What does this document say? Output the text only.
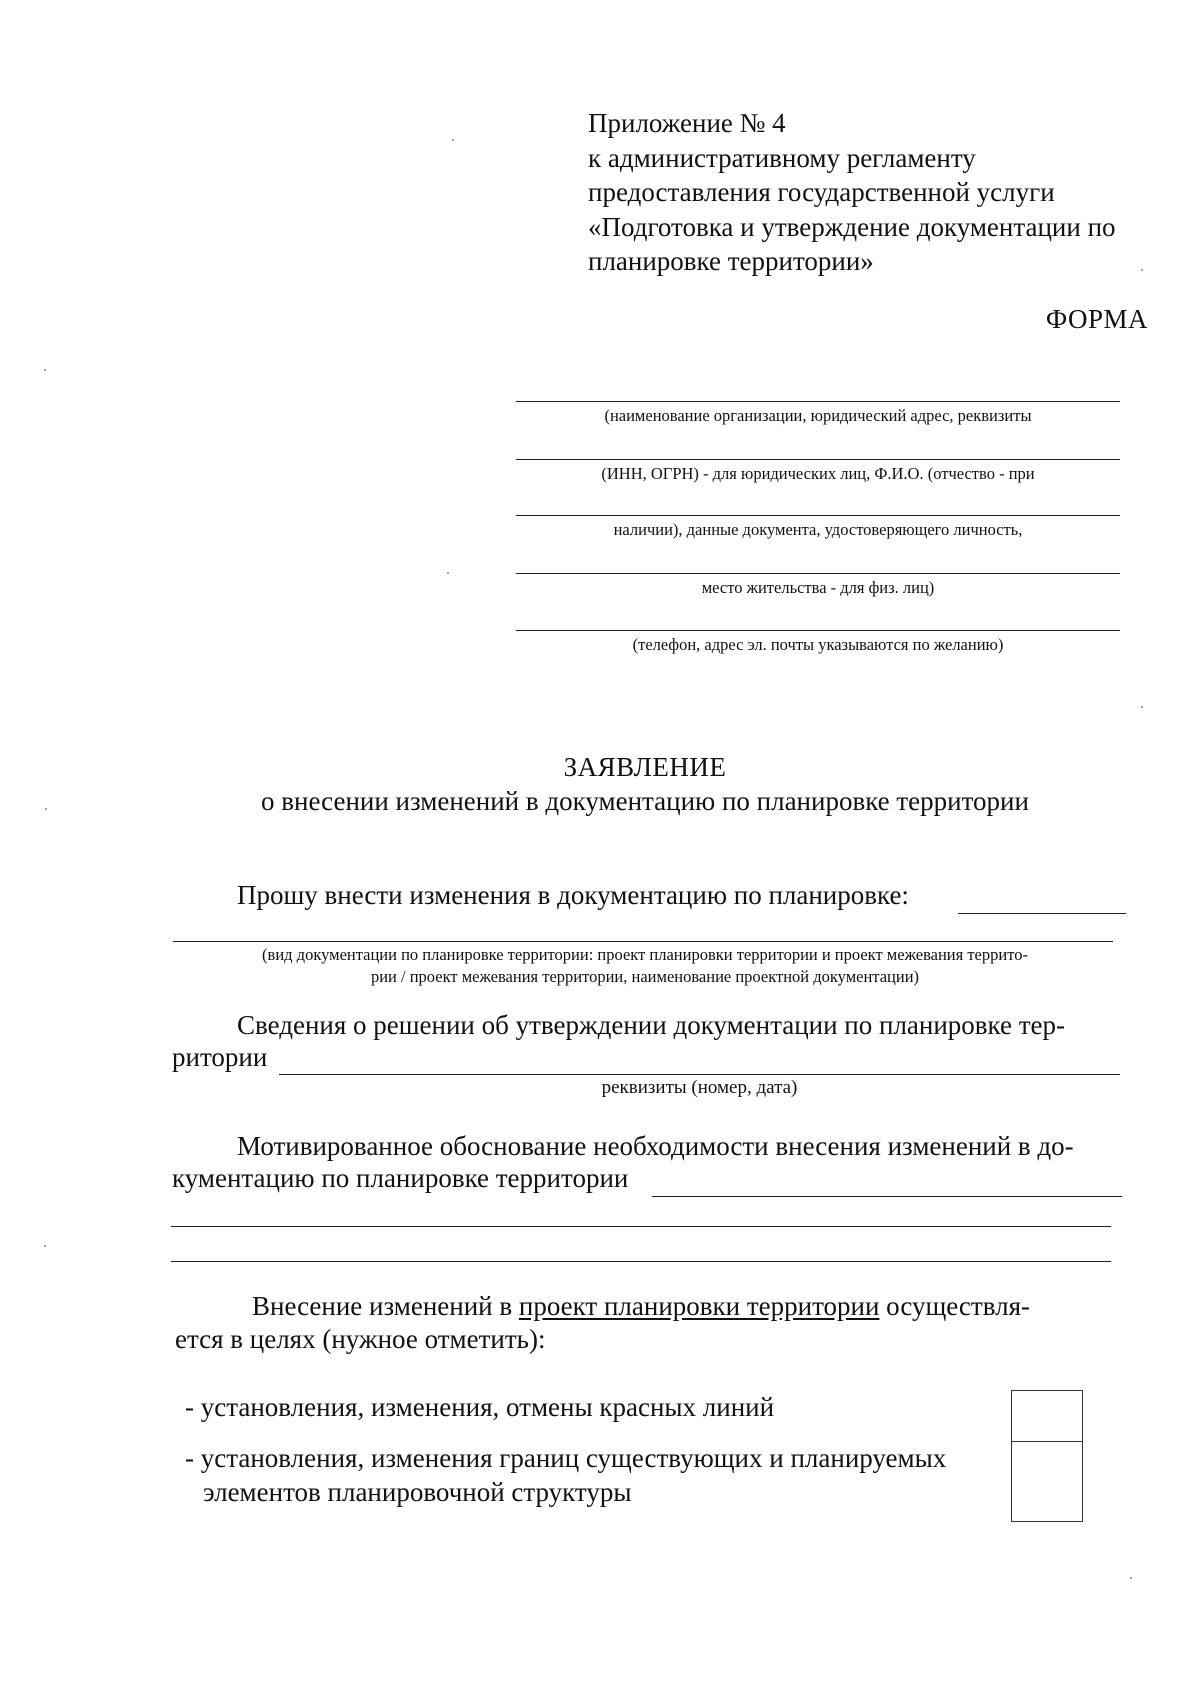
Приложение № 4
к административному регламенту
предоставления государственной услуги
«Подготовка и утверждение документации по
планировке территории»
ФОРМА
(наименование организации, юридический адрес, реквизиты
(ИНН, ОГРН) - для юридических лиц, Ф.И.О. (отчество - при
наличии), данные документа, удостоверяющего личность,
место жительства - для физ. лиц)
(телефон, адрес эл. почты указываются по желанию)
ЗАЯВЛЕНИЕ
о внесении изменений в документацию по планировке территории
Прошу внести изменения в документацию по планировке:
(вид документации по планировке территории: проект планировки территории и проект межевания террито-
рии / проект межевания территории, наименование проектной документации)
Сведения о решении об утверждении документации по планировке тер-
ритории
реквизиты (номер, дата)
Мотивированное обоснование необходимости внесения изменений в до-
кументацию по планировке территории
Внесение изменений в проект планировки территории осуществля-
ется в целях (нужное отметить):
- установления, изменения, отмены красных линий
- установления, изменения границ существующих и планируемых
элементов планировочной структуры
